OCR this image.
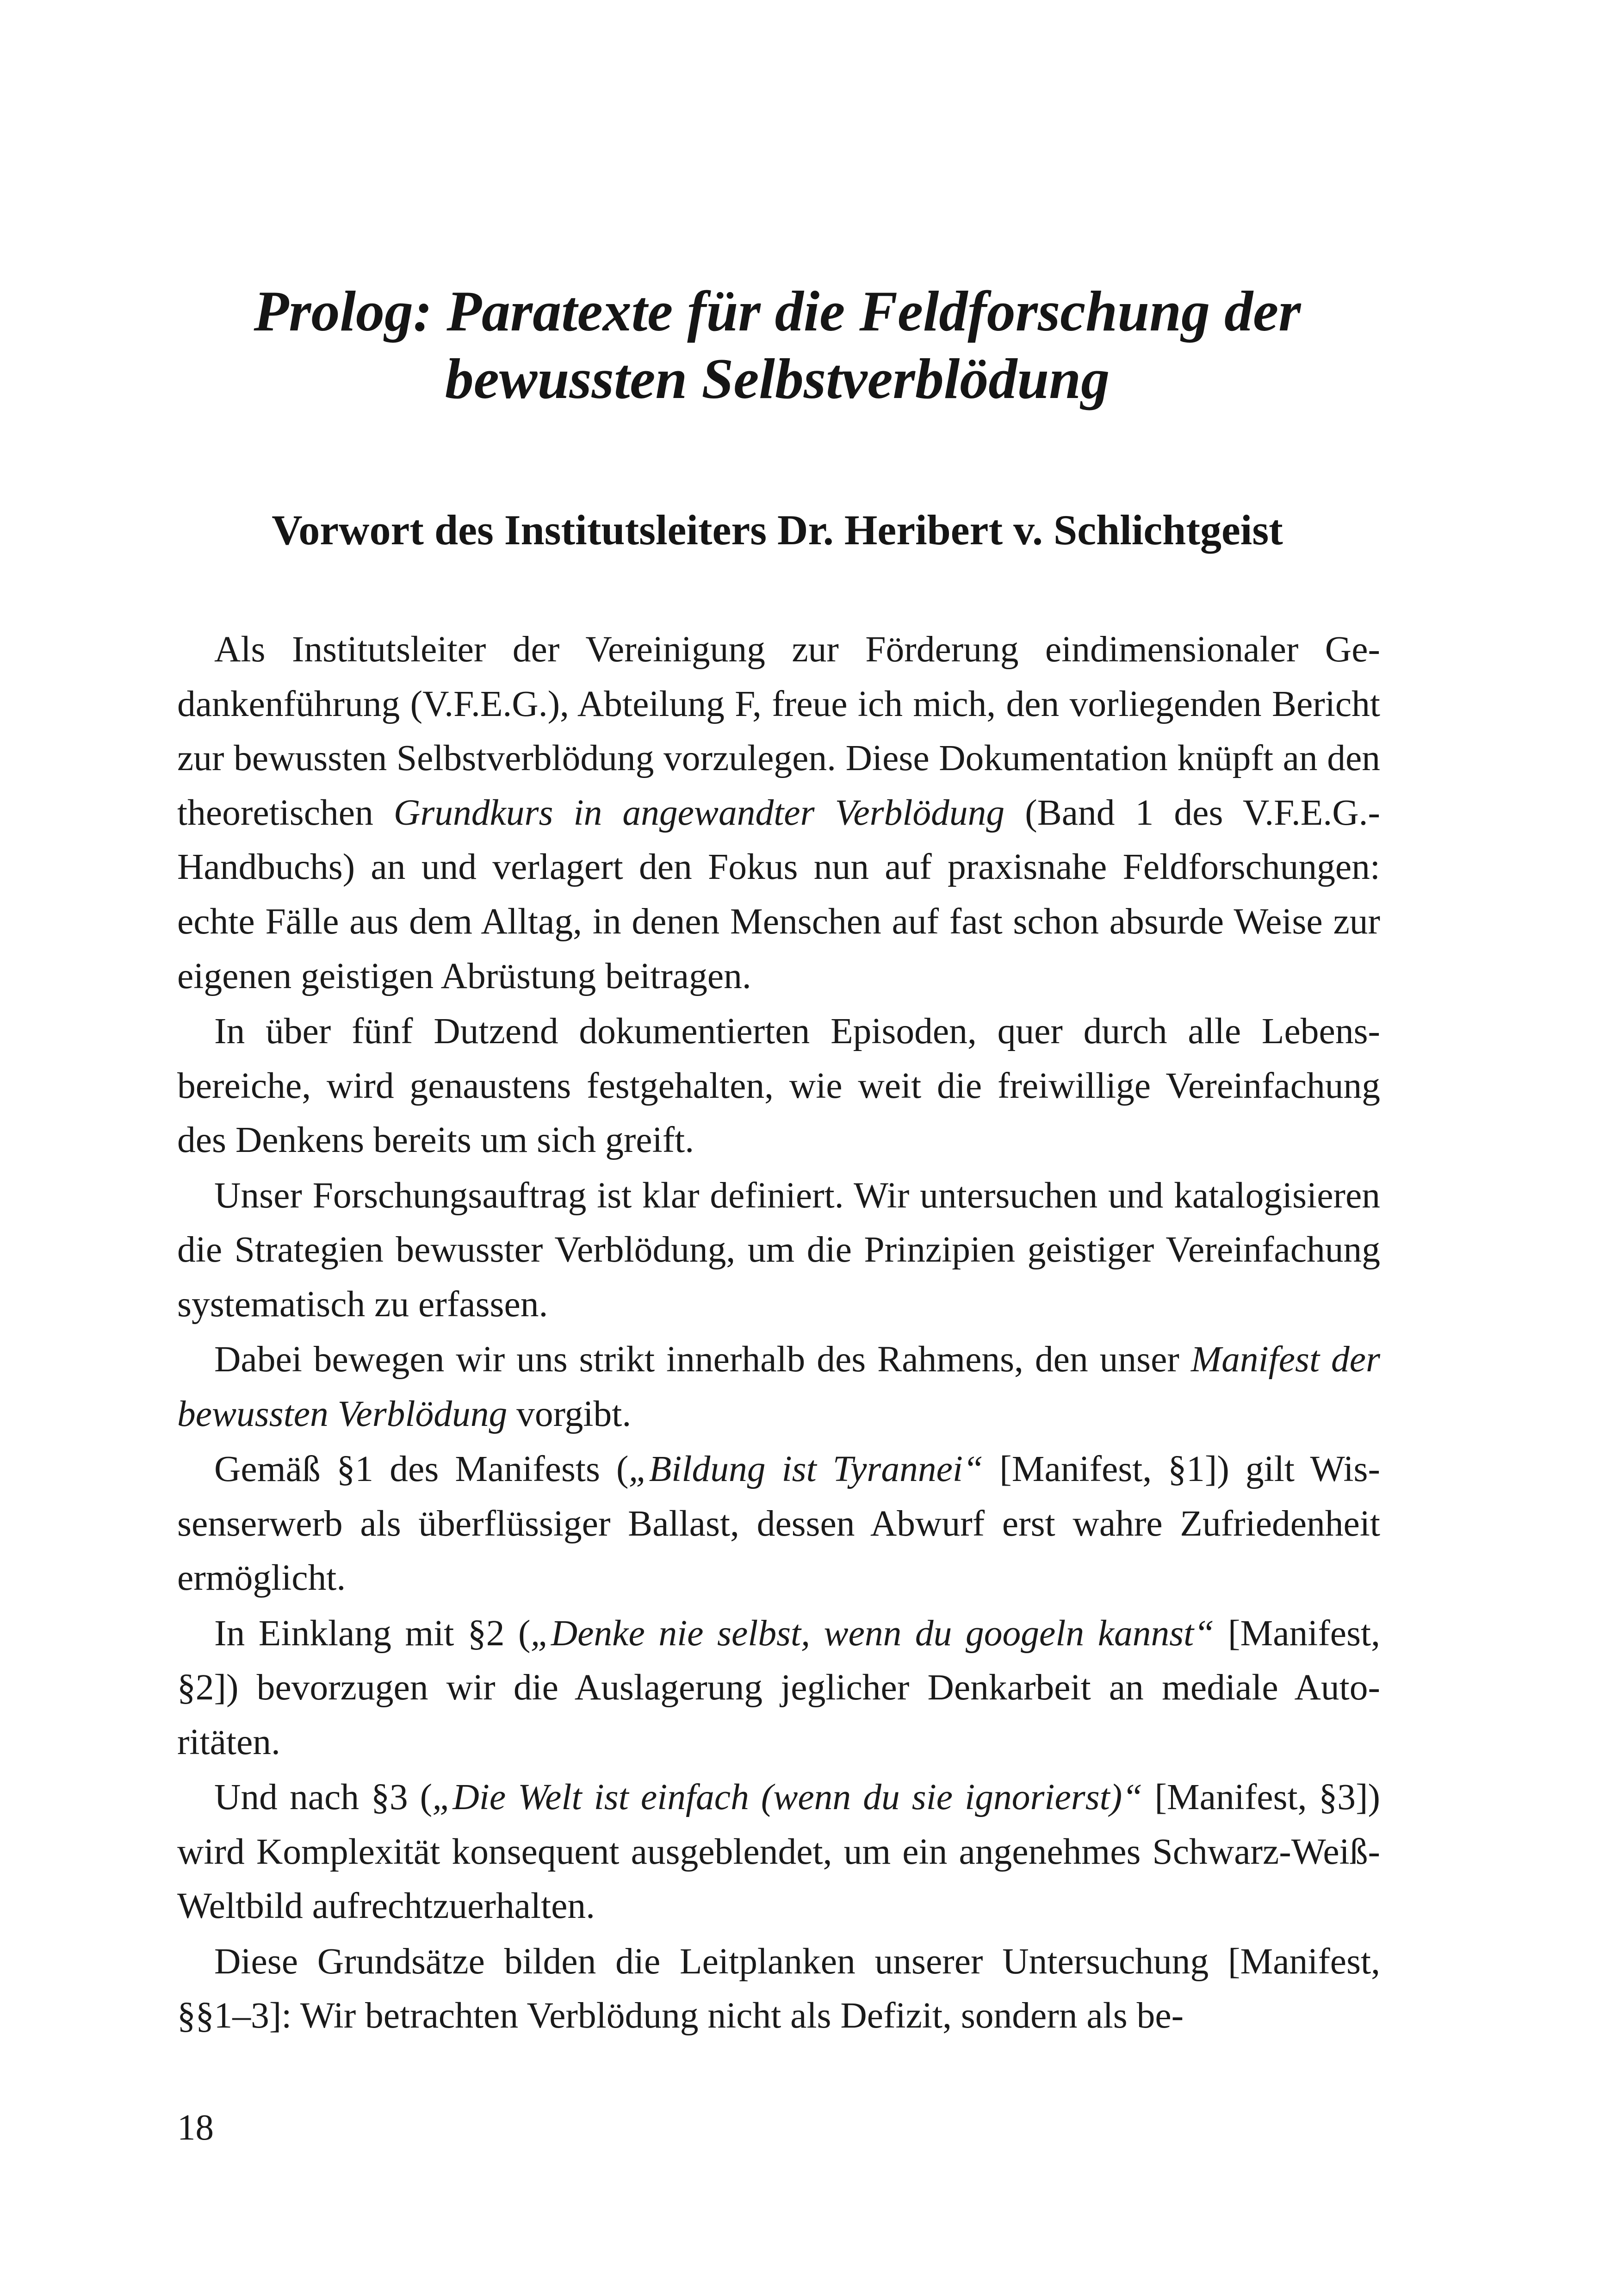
Prolog: Paratexte für die Feldforschung der
bewussten Selbstverblödung
Vorwort des Institutsleiters Dr. Heribert v. Schlichtgeist

Als Institutsleiter der Vereinigung zur Förderung eindimensionaler Gedankenführung (V.F.E.G.), Abteilung F, freue ich mich, den vorliegenden Bericht zur bewussten Selbstverblödung vorzulegen. Diese Dokumentation knüpft an den theoretischen Grundkurs in angewandter Verblödung (Band 1 des V.F.E.G.-Handbuchs) an und verlagert den Fokus nun auf praxisnahe Feldforschungen: echte Fälle aus dem Alltag, in denen Menschen auf fast schon absurde Weise zur eigenen geistigen Abrüstung beitragen.

In über fünf Dutzend dokumentierten Episoden, quer durch alle Lebensbereiche, wird genaustens festgehalten, wie weit die freiwillige Vereinfachung des Denkens bereits um sich greift.

Unser Forschungsauftrag ist klar definiert. Wir untersuchen und katalogisieren die Strategien bewusster Verblödung, um die Prinzipien geistiger Vereinfachung systematisch zu erfassen.

Dabei bewegen wir uns strikt innerhalb des Rahmens, den unser Manifest der bewussten Verblödung vorgibt.

Gemäß §1 des Manifests („Bildung ist Tyrannei“ [Manifest, §1]) gilt Wissenserwerb als überflüssiger Ballast, dessen Abwurf erst wahre Zufriedenheit ermöglicht.

In Einklang mit §2 („Denke nie selbst, wenn du googeln kannst“ [Manifest, §2]) bevorzugen wir die Auslagerung jeglicher Denkarbeit an mediale Autoritäten.

Und nach §3 („Die Welt ist einfach (wenn du sie ignorierst)“ [Manifest, §3]) wird Komplexität konsequent ausgeblendet, um ein angenehmes Schwarz-Weiß-Weltbild aufrechtzuerhalten.

Diese Grundsätze bilden die Leitplanken unserer Untersuchung [Manifest, §§1–3]: Wir betrachten Verblödung nicht als Defizit, sondern als be-

18
